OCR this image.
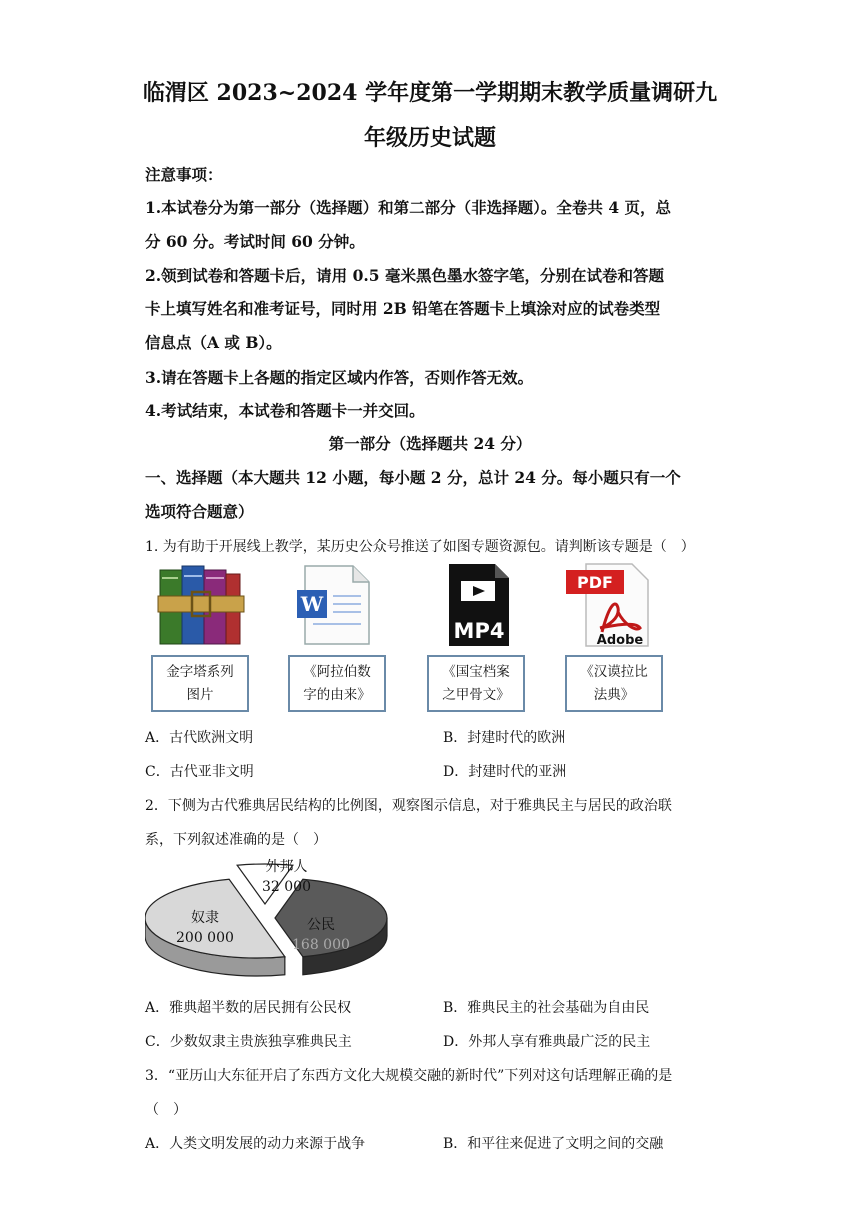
临渭区 2023~2024 学年度第一学期期末教学质量调研九
年级历史试题
注意事项：
1.本试卷分为第一部分（选择题）和第二部分（非选择题）。全卷共 4 页，总
分 60 分。考试时间 60 分钟。
2.领到试卷和答题卡后，请用 0.5 毫米黑色墨水签字笔，分别在试卷和答题
卡上填写姓名和准考证号，同时用 2B 铅笔在答题卡上填涂对应的试卷类型
信息点（A 或 B）。
3.请在答题卡上各题的指定区域内作答，否则作答无效。
4.考试结束，本试卷和答题卡一并交回。
第一部分（选择题共 24 分）
一、选择题（本大题共 12 小题，每小题 2 分，总计 24 分。每小题只有一个
选项符合题意）
1. 为有助于开展线上教学，某历史公众号推送了如图专题资源包。请判断该专题是（　）
W
MP4
PDF
Adobe
金字塔系列图片
《阿拉伯数字的由来》
《国宝档案之甲骨文》
《汉谟拉比法典》
A．古代欧洲文明	B．封建时代的欧洲
C．古代亚非文明	D．封建时代的亚洲
2．下侧为古代雅典居民结构的比例图，观察图示信息，对于雅典民主与居民的政治联
系，下列叙述准确的是（　）
外邦人
32 000
奴隶
200 000
公民
168 000
A．雅典超半数的居民拥有公民权	B．雅典民主的社会基础为自由民
C．少数奴隶主贵族独享雅典民主	D．外邦人享有雅典最广泛的民主
3．“亚历山大东征开启了东西方文化大规模交融的新时代”下列对这句话理解正确的是
（　）
A．人类文明发展的动力来源于战争	B．和平往来促进了文明之间的交融
